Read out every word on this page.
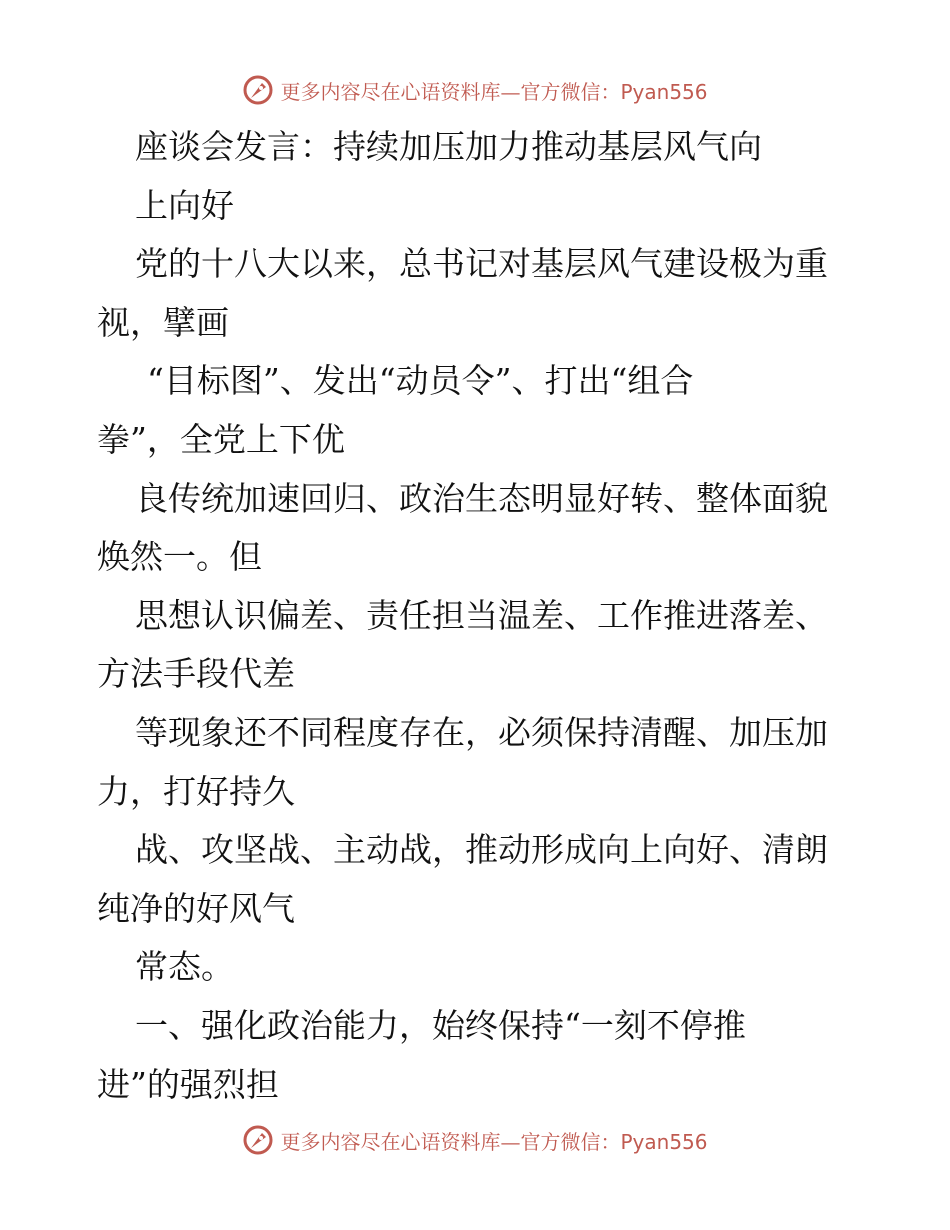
更多内容尽在心语资料库—官方微信：Pyan556
座谈会发言：持续加压加力推动基层风气向
上向好
党的十八大以来，总书记对基层风气建设极为重
视，擘画
“目标图”、发出“动员令”、打出“组合
拳”，全党上下优
良传统加速回归、政治生态明显好转、整体面貌
焕然一。但
思想认识偏差、责任担当温差、工作推进落差、
方法手段代差
等现象还不同程度存在，必须保持清醒、加压加
力，打好持久
战、攻坚战、主动战，推动形成向上向好、清朗
纯净的好风气
常态。
一、强化政治能力，始终保持“一刻不停推
进”的强烈担
更多内容尽在心语资料库—官方微信：Pyan556
